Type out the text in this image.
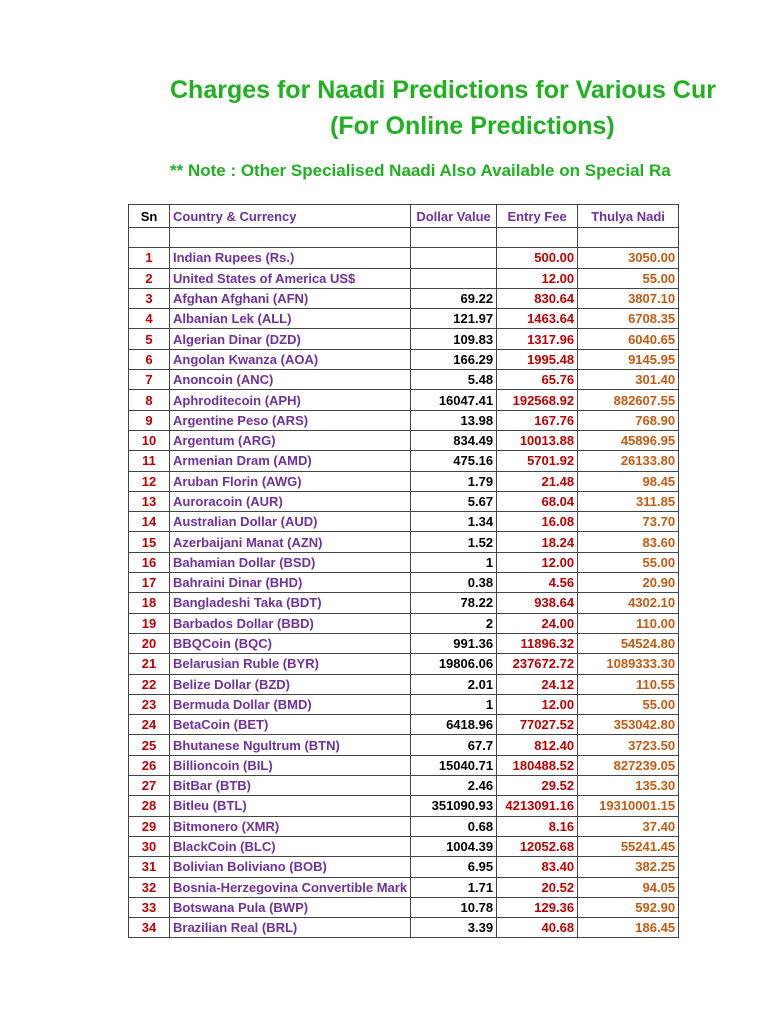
Charges for Naadi Predictions for Various Cur
(For Online Predictions)
** Note : Other Specialised Naadi Also Available on Special Ra
Sn	Country & Currency	Dollar Value	Entry Fee	Thulya Nadi

1	Indian Rupees (Rs.)		500.00	3050.00
2	United States of America US$		12.00	55.00
3	Afghan Afghani (AFN)	69.22	830.64	3807.10
4	Albanian Lek (ALL)	121.97	1463.64	6708.35
5	Algerian Dinar (DZD)	109.83	1317.96	6040.65
6	Angolan Kwanza (AOA)	166.29	1995.48	9145.95
7	Anoncoin (ANC)	5.48	65.76	301.40
8	Aphroditecoin (APH)	16047.41	192568.92	882607.55
9	Argentine Peso (ARS)	13.98	167.76	768.90
10	Argentum (ARG)	834.49	10013.88	45896.95
11	Armenian Dram (AMD)	475.16	5701.92	26133.80
12	Aruban Florin (AWG)	1.79	21.48	98.45
13	Auroracoin (AUR)	5.67	68.04	311.85
14	Australian Dollar (AUD)	1.34	16.08	73.70
15	Azerbaijani Manat (AZN)	1.52	18.24	83.60
16	Bahamian Dollar (BSD)	1	12.00	55.00
17	Bahraini Dinar (BHD)	0.38	4.56	20.90
18	Bangladeshi Taka (BDT)	78.22	938.64	4302.10
19	Barbados Dollar (BBD)	2	24.00	110.00
20	BBQCoin (BQC)	991.36	11896.32	54524.80
21	Belarusian Ruble (BYR)	19806.06	237672.72	1089333.30
22	Belize Dollar (BZD)	2.01	24.12	110.55
23	Bermuda Dollar (BMD)	1	12.00	55.00
24	BetaCoin (BET)	6418.96	77027.52	353042.80
25	Bhutanese Ngultrum (BTN)	67.7	812.40	3723.50
26	Billioncoin (BIL)	15040.71	180488.52	827239.05
27	BitBar (BTB)	2.46	29.52	135.30
28	Bitleu (BTL)	351090.93	4213091.16	19310001.15
29	Bitmonero (XMR)	0.68	8.16	37.40
30	BlackCoin (BLC)	1004.39	12052.68	55241.45
31	Bolivian Boliviano (BOB)	6.95	83.40	382.25
32	Bosnia-Herzegovina Convertible Mark	1.71	20.52	94.05
33	Botswana Pula (BWP)	10.78	129.36	592.90
34	Brazilian Real (BRL)	3.39	40.68	186.45
